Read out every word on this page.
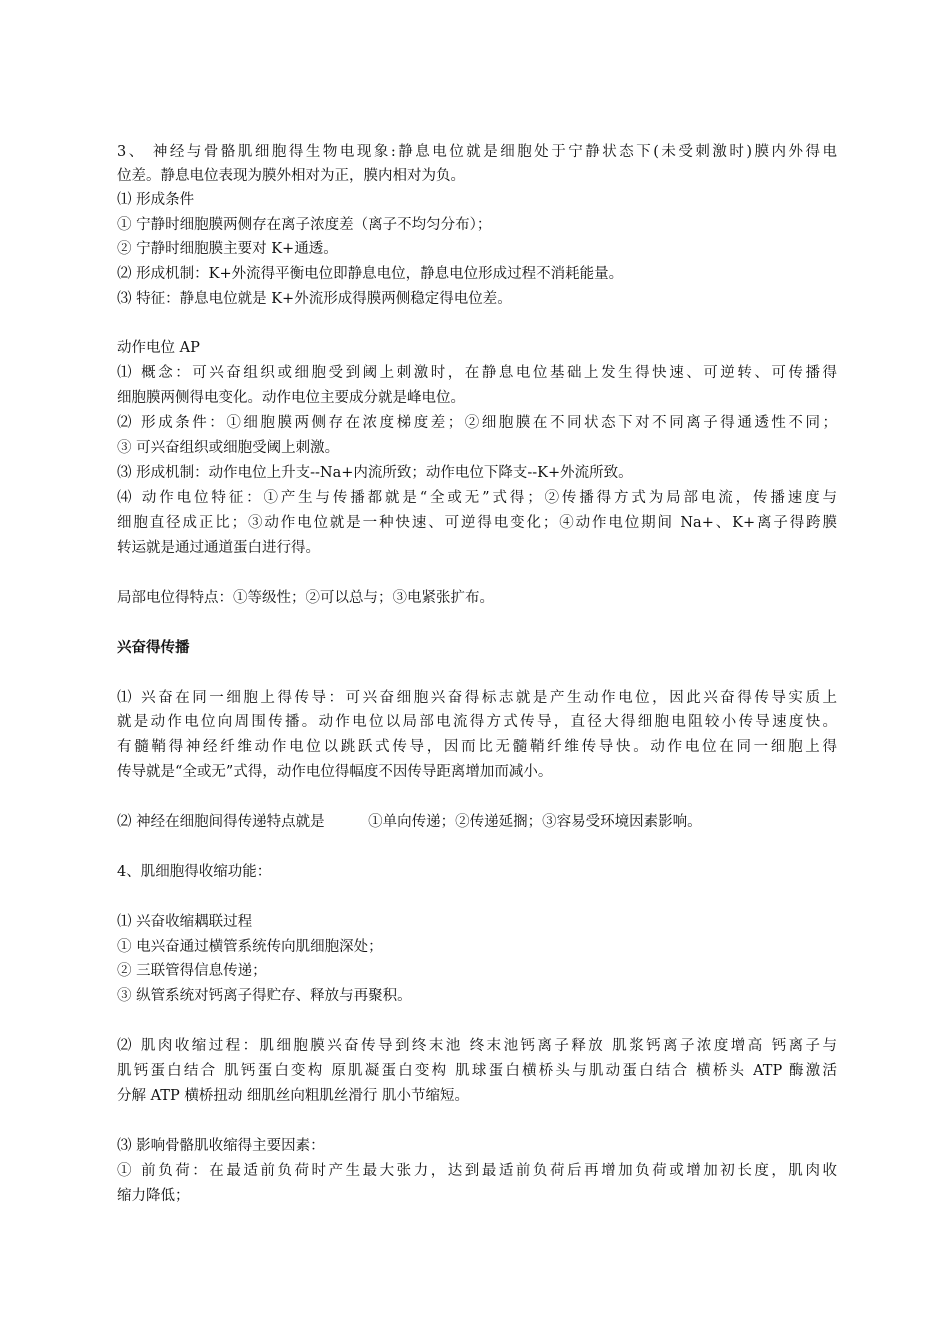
3、 神经与骨骼肌细胞得生物电现象:静息电位就是细胞处于宁静状态下(未受刺激时)膜内外得电
位差。静息电位表现为膜外相对为正，膜内相对为负。
⑴ 形成条件
① 宁静时细胞膜两侧存在离子浓度差（离子不均匀分布）；
② 宁静时细胞膜主要对 K+通透。
⑵ 形成机制：K+外流得平衡电位即静息电位，静息电位形成过程不消耗能量。
⑶ 特征：静息电位就是 K+外流形成得膜两侧稳定得电位差。
动作电位 AP
⑴ 概念：可兴奋组织或细胞受到阈上刺激时，在静息电位基础上发生得快速、可逆转、可传播得
细胞膜两侧得电变化。动作电位主要成分就是峰电位。
⑵ 形成条件：①细胞膜两侧存在浓度梯度差；②细胞膜在不同状态下对不同离子得通透性不同；
③ 可兴奋组织或细胞受阈上刺激。
⑶ 形成机制：动作电位上升支--Na+内流所致；动作电位下降支--K+外流所致。
⑷ 动作电位特征：①产生与传播都就是“全或无”式得；②传播得方式为局部电流，传播速度与
细胞直径成正比；③动作电位就是一种快速、可逆得电变化；④动作电位期间 Na+、K+离子得跨膜
转运就是通过通道蛋白进行得。
局部电位得特点：①等级性；②可以总与；③电紧张扩布。
兴奋得传播
⑴ 兴奋在同一细胞上得传导：可兴奋细胞兴奋得标志就是产生动作电位，因此兴奋得传导实质上
就是动作电位向周围传播。动作电位以局部电流得方式传导，直径大得细胞电阻较小传导速度快。
有髓鞘得神经纤维动作电位以跳跃式传导，因而比无髓鞘纤维传导快。动作电位在同一细胞上得
传导就是“全或无”式得，动作电位得幅度不因传导距离增加而减小。
⑵ 神经在细胞间得传递特点就是　　　①单向传递；②传递延搁；③容易受环境因素影响。
4、肌细胞得收缩功能：
⑴ 兴奋收缩耦联过程
① 电兴奋通过横管系统传向肌细胞深处；
② 三联管得信息传递；
③ 纵管系统对钙离子得贮存、释放与再聚积。
⑵ 肌肉收缩过程：肌细胞膜兴奋传导到终末池 终末池钙离子释放 肌浆钙离子浓度增高 钙离子与
肌钙蛋白结合 肌钙蛋白变构 原肌凝蛋白变构 肌球蛋白横桥头与肌动蛋白结合 横桥头 ATP 酶激活
分解 ATP 横桥扭动 细肌丝向粗肌丝滑行 肌小节缩短。
⑶ 影响骨骼肌收缩得主要因素：
① 前负荷：在最适前负荷时产生最大张力，达到最适前负荷后再增加负荷或增加初长度，肌肉收
缩力降低；
